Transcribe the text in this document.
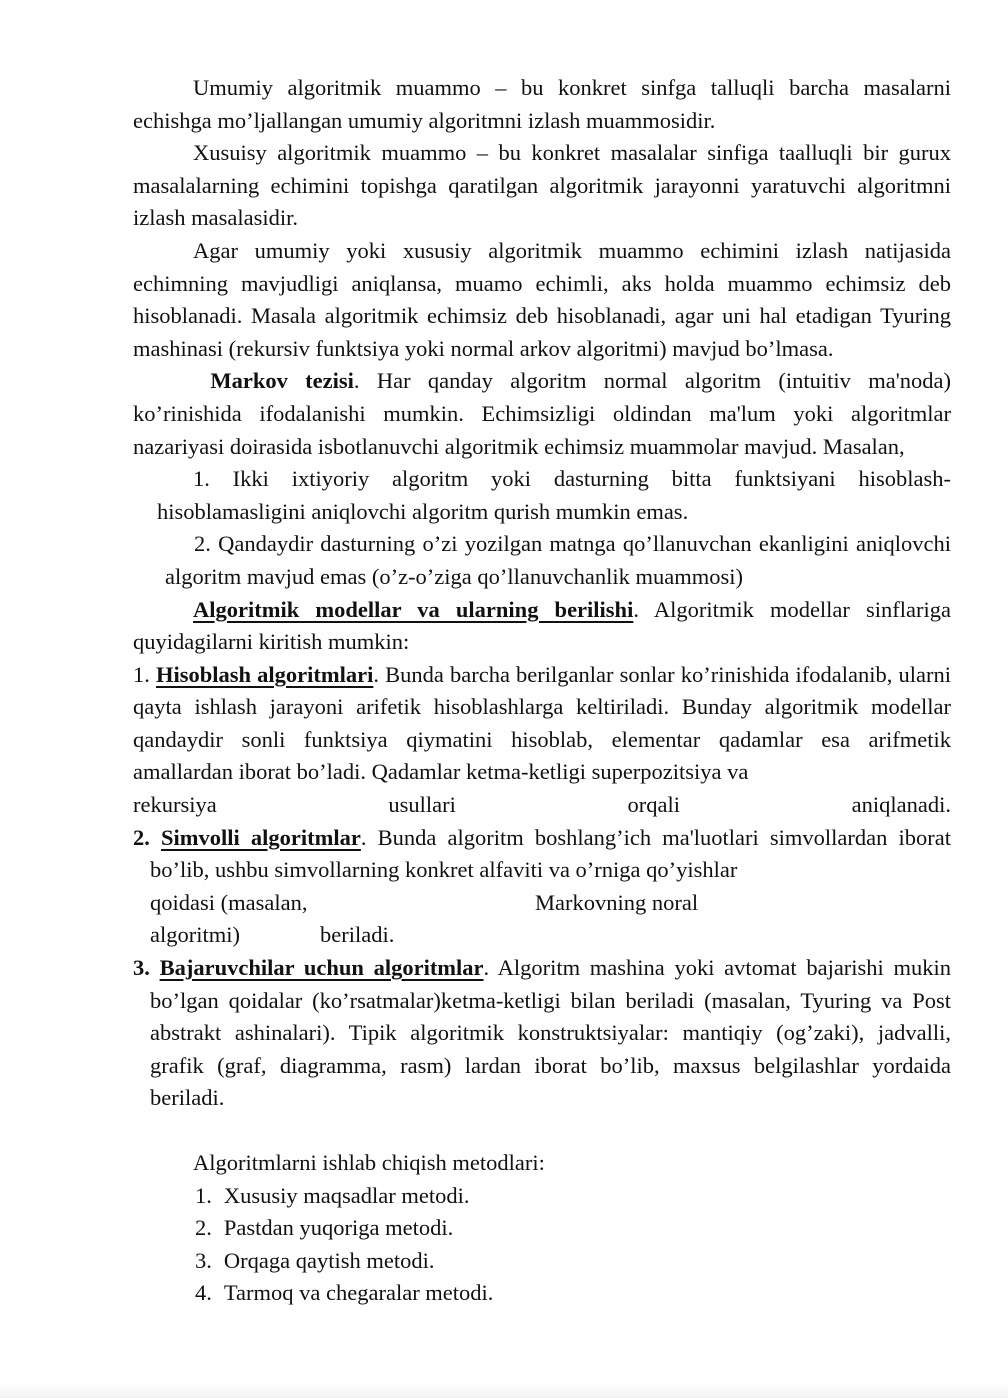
Umumiy algoritmik muammo – bu konkret sinfga talluqli barcha masalarni echishga mo’ljallangan umumiy algoritmni izlash muammosidir.

Xusuisy algoritmik muammo – bu konkret masalalar sinfiga taalluqli bir gurux masalalarning echimini topishga qaratilgan algoritmik jarayonni yaratuvchi algoritmni izlash masalasidir.

Agar umumiy yoki xususiy algoritmik muammo echimini izlash natijasida echimning mavjudligi aniqlansa, muamo echimli, aks holda muammo echimsiz deb hisoblanadi. Masala algoritmik echimsiz deb hisoblanadi, agar uni hal etadigan Tyuring mashinasi (rekursiv funktsiya yoki normal arkov algoritmi) mavjud bo’lmasa.

Markov tezisi. Har qanday algoritm normal algoritm (intuitiv ma'noda) ko’rinishida ifodalanishi mumkin. Echimsizligi oldindan ma'lum yoki algoritmlar nazariyasi doirasida isbotlanuvchi algoritmik echimsiz muammolar mavjud. Masalan,

1. Ikki ixtiyoriy algoritm yoki dasturning bitta funktsiyani hisoblash-hisoblamasligini aniqlovchi algoritm qurish mumkin emas.

2. Qandaydir dasturning o’zi yozilgan matnga qo’llanuvchan ekanligini aniqlovchi algoritm mavjud emas (o’z-o’ziga qo’llanuvchanlik muammosi)

Algoritmik modellar va ularning berilishi. Algoritmik modellar sinflariga quyidagilarni kiritish mumkin:

1. Hisoblash algoritmlari. Bunda barcha berilganlar sonlar ko’rinishida ifodalanib, ularni qayta ishlash jarayoni arifetik hisoblashlarga keltiriladi. Bunday algoritmik modellar qandaydir sonli funktsiya qiymatini hisoblab, elementar qadamlar esa arifmetik amallardan iborat bo’ladi. Qadamlar ketma-ketligi superpozitsiya va

rekursiya	usullari	orqali	aniqlanadi.

2. Simvolli algoritmlar. Bunda algoritm boshlang’ich ma'luotlari simvollardan iborat bo’lib, ushbu simvollarning konkret alfaviti va o’rniga qo’yishlar

qoidasi (masalan,	Markovning noral
algoritmi)	beriladi.

3. Bajaruvchilar uchun algoritmlar. Algoritm mashina yoki avtomat bajarishi mukin bo’lgan qoidalar (ko’rsatmalar)ketma-ketligi bilan beriladi (masalan, Tyuring va Post abstrakt ashinalari). Tipik algoritmik konstruktsiyalar: mantiqiy (og’zaki), jadvalli, grafik (graf, diagramma, rasm) lardan iborat bo’lib, maxsus belgilashlar yordaida beriladi.

Algoritmlarni ishlab chiqish metodlari:

1. Xususiy maqsadlar metodi.
2. Pastdan yuqoriga metodi.
3. Orqaga qaytish metodi.
4. Tarmoq va chegaralar metodi.
